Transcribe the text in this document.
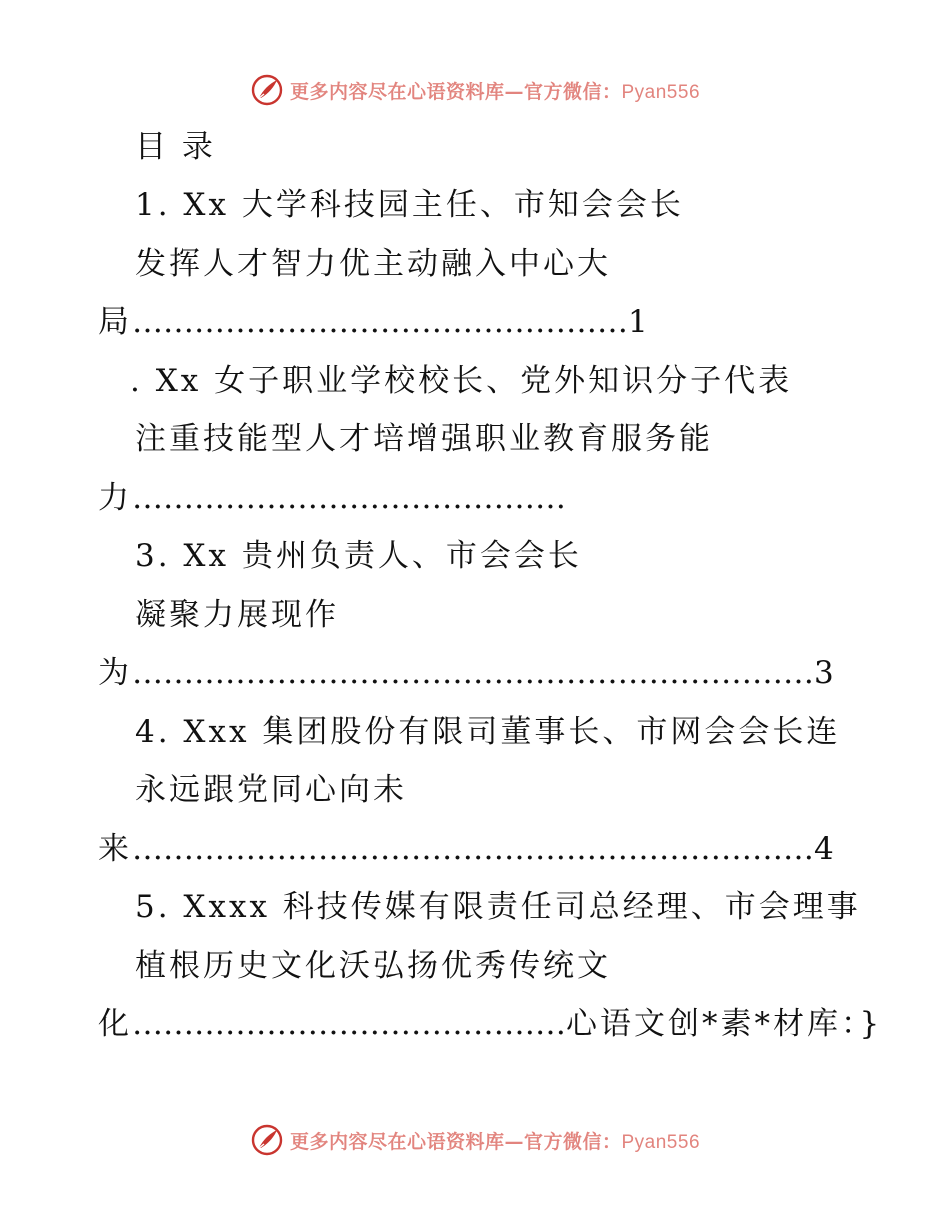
更多内容尽在心语资料库—官方微信：Pyan556
目 录
1. Xx 大学科技园主任、市知会会长
发挥人才智力优主动融入中心大
局…………………………………………1
. Xx 女子职业学校校长、党外知识分子代表
注重技能型人才培增强职业教育服务能
力……………………………………
3. Xx 贵州负责人、市会会长
凝聚力展现作
为…………………………………………………………3
4. Xxx 集团股份有限司董事长、市网会会长连
永远跟党同心向未
来…………………………………………………………4
5. Xxxx 科技传媒有限责任司总经理、市会理事
植根历史文化沃弘扬优秀传统文
化……………………………………心语文创*素*材库：}
更多内容尽在心语资料库—官方微信：Pyan556
